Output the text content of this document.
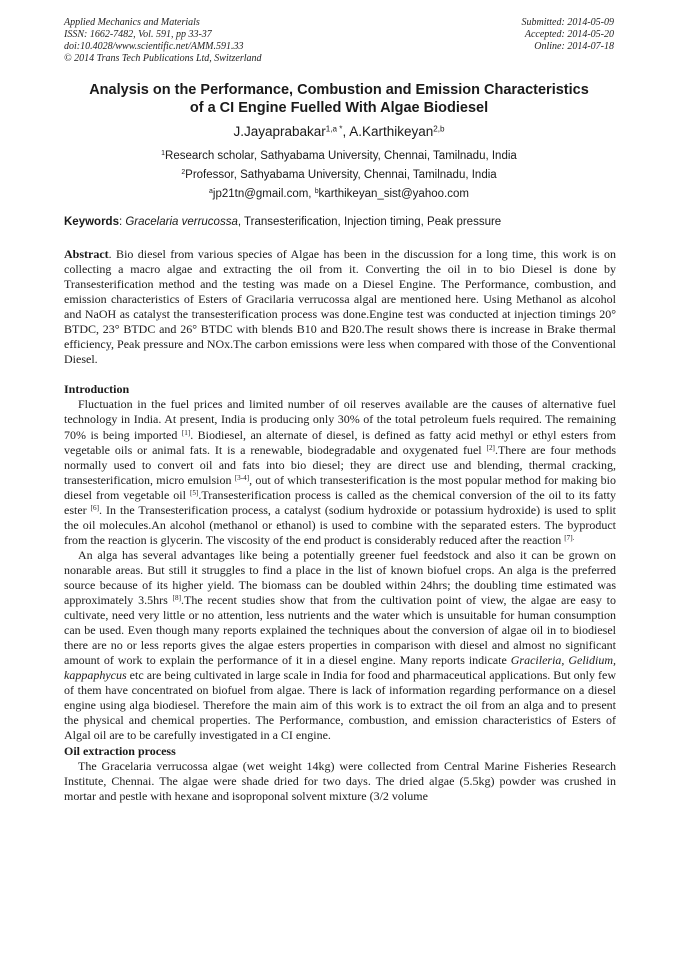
Applied Mechanics and Materials
ISSN: 1662-7482, Vol. 591, pp 33-37
doi:10.4028/www.scientific.net/AMM.591.33
© 2014 Trans Tech Publications Ltd, Switzerland
Submitted: 2014-05-09
Accepted: 2014-05-20
Online: 2014-07-18
Analysis on the Performance, Combustion and Emission Characteristics
of a CI Engine Fuelled With Algae Biodiesel
J.Jayaprabakar$^{1,a *}$, A.Karthikeyan$^{2,b}$
$^1$Research scholar, Sathyabama University, Chennai, Tamilnadu, India
$^2$Professor, Sathyabama University, Chennai, Tamilnadu, India
$^a$jp21tn@gmail.com, $^b$karthikeyan_sist@yahoo.com
Keywords: Gracelaria verrucossa, Transesterification, Injection timing, Peak pressure

Abstract. Bio diesel from various species of Algae has been in the discussion for a long time, this work is on collecting a macro algae and extracting the oil from it. Converting the oil in to bio Diesel is done by Transesterification method and the testing was made on a Diesel Engine. The Performance, combustion, and emission characteristics of Esters of Gracilaria verrucossa algal are mentioned here. Using Methanol as alcohol and NaOH as catalyst the transesterification process was done.Engine test was conducted at injection timings 20° BTDC, 23° BTDC and 26° BTDC with blends B10 and B20.The result shows there is increase in Brake thermal efficiency, Peak pressure and NOx.The carbon emissions were less when compared with those of the Conventional Diesel.

Introduction

Fluctuation in the fuel prices and limited number of oil reserves available are the causes of alternative fuel technology in India. At present, India is producing only 30% of the total petroleum fuels required. The remaining 70% is being imported [1]. Biodiesel, an alternate of diesel, is defined as fatty acid methyl or ethyl esters from vegetable oils or animal fats. It is a renewable, biodegradable and oxygenated fuel [2].There are four methods normally used to convert oil and fats into bio diesel; they are direct use and blending, thermal cracking, transesterification, micro emulsion [3-4], out of which transesterification is the most popular method for making bio diesel from vegetable oil [5].Transesterification process is called as the chemical conversion of the oil to its fatty ester [6]. In the Transesterification process, a catalyst (sodium hydroxide or potassium hydroxide) is used to split the oil molecules.An alcohol (methanol or ethanol) is used to combine with the separated esters. The byproduct from the reaction is glycerin. The viscosity of the end product is considerably reduced after the reaction $^{[7].}$

An alga has several advantages like being a potentially greener fuel feedstock and also it can be grown on nonarable areas. But still it struggles to find a place in the list of known biofuel crops. An alga is the preferred source because of its higher yield. The biomass can be doubled within 24hrs; the doubling time estimated was approximately 3.5hrs [8].The recent studies show that from the cultivation point of view, the algae are easy to cultivate, need very little or no attention, less nutrients and the water which is unsuitable for human consumption can be used. Even though many reports explained the techniques about the conversion of algae oil in to biodiesel there are no or less reports gives the algae esters properties in comparison with diesel and almost no significant amount of work to explain the performance of it in a diesel engine. Many reports indicate Gracileria, Gelidium, kappaphycus etc are being cultivated in large scale in India for food and pharmaceutical applications. But only few of them have concentrated on biofuel from algae. There is lack of information regarding performance on a diesel engine using alga biodiesel. Therefore the main aim of this work is to extract the oil from an alga and to present the physical and chemical properties. The Performance, combustion, and emission characteristics of Esters of Algal oil are to be carefully investigated in a CI engine.

Oil extraction process

The Gracelaria verrucossa algae (wet weight 14kg) were collected from Central Marine Fisheries Research Institute, Chennai. The algae were shade dried for two days. The dried algae (5.5kg) powder was crushed in mortar and pestle with hexane and isoproponal solvent mixture (3/2 volume
